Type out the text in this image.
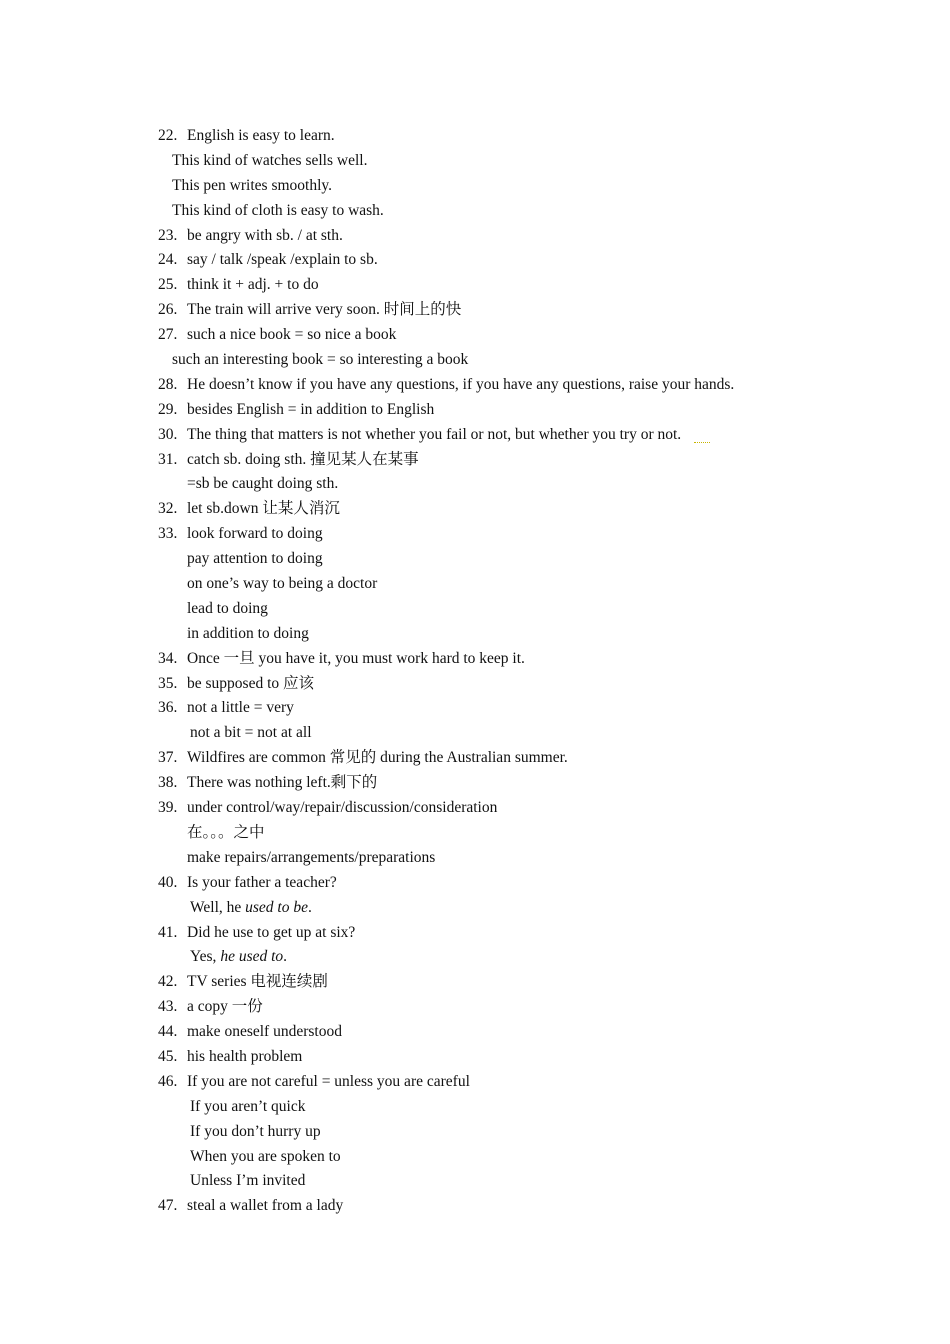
22. English is easy to learn.
This kind of watches sells well.
This pen writes smoothly.
This kind of cloth is easy to wash.
23. be angry with sb. / at sth.
24. say / talk /speak /explain to sb.
25. think it + adj. + to do
26. The train will arrive very soon. 时间上的快
27. such a nice book = so nice a book
such an interesting book = so interesting a book
28. He doesn’t know if you have any questions, if you have any questions, raise your hands.
29. besides English = in addition to English
30. The thing that matters is not whether you fail or not, but whether you try or not.
31. catch sb. doing sth. 撞见某人在某事
=sb be caught doing sth.
32. let sb.down 让某人消沉
33. look forward to doing
pay attention to doing
on one’s way to being a doctor
lead to doing
in addition to doing
34. Once 一旦 you have it, you must work hard to keep it.
35. be supposed to 应该
36. not a little = very
not a bit = not at all
37. Wildfires are common 常见的 during the Australian summer.
38. There was nothing left.剩下的
39. under control/way/repair/discussion/consideration
在。。。之中
make repairs/arrangements/preparations
40. Is your father a teacher?
Well, he used to be.
41. Did he use to get up at six?
Yes, he used to.
42. TV series 电视连续剧
43. a copy 一份
44. make oneself understood
45. his health problem
46. If you are not careful = unless you are careful
If you aren’t quick
If you don’t hurry up
When you are spoken to
Unless I’m invited
47. steal a wallet from a lady
